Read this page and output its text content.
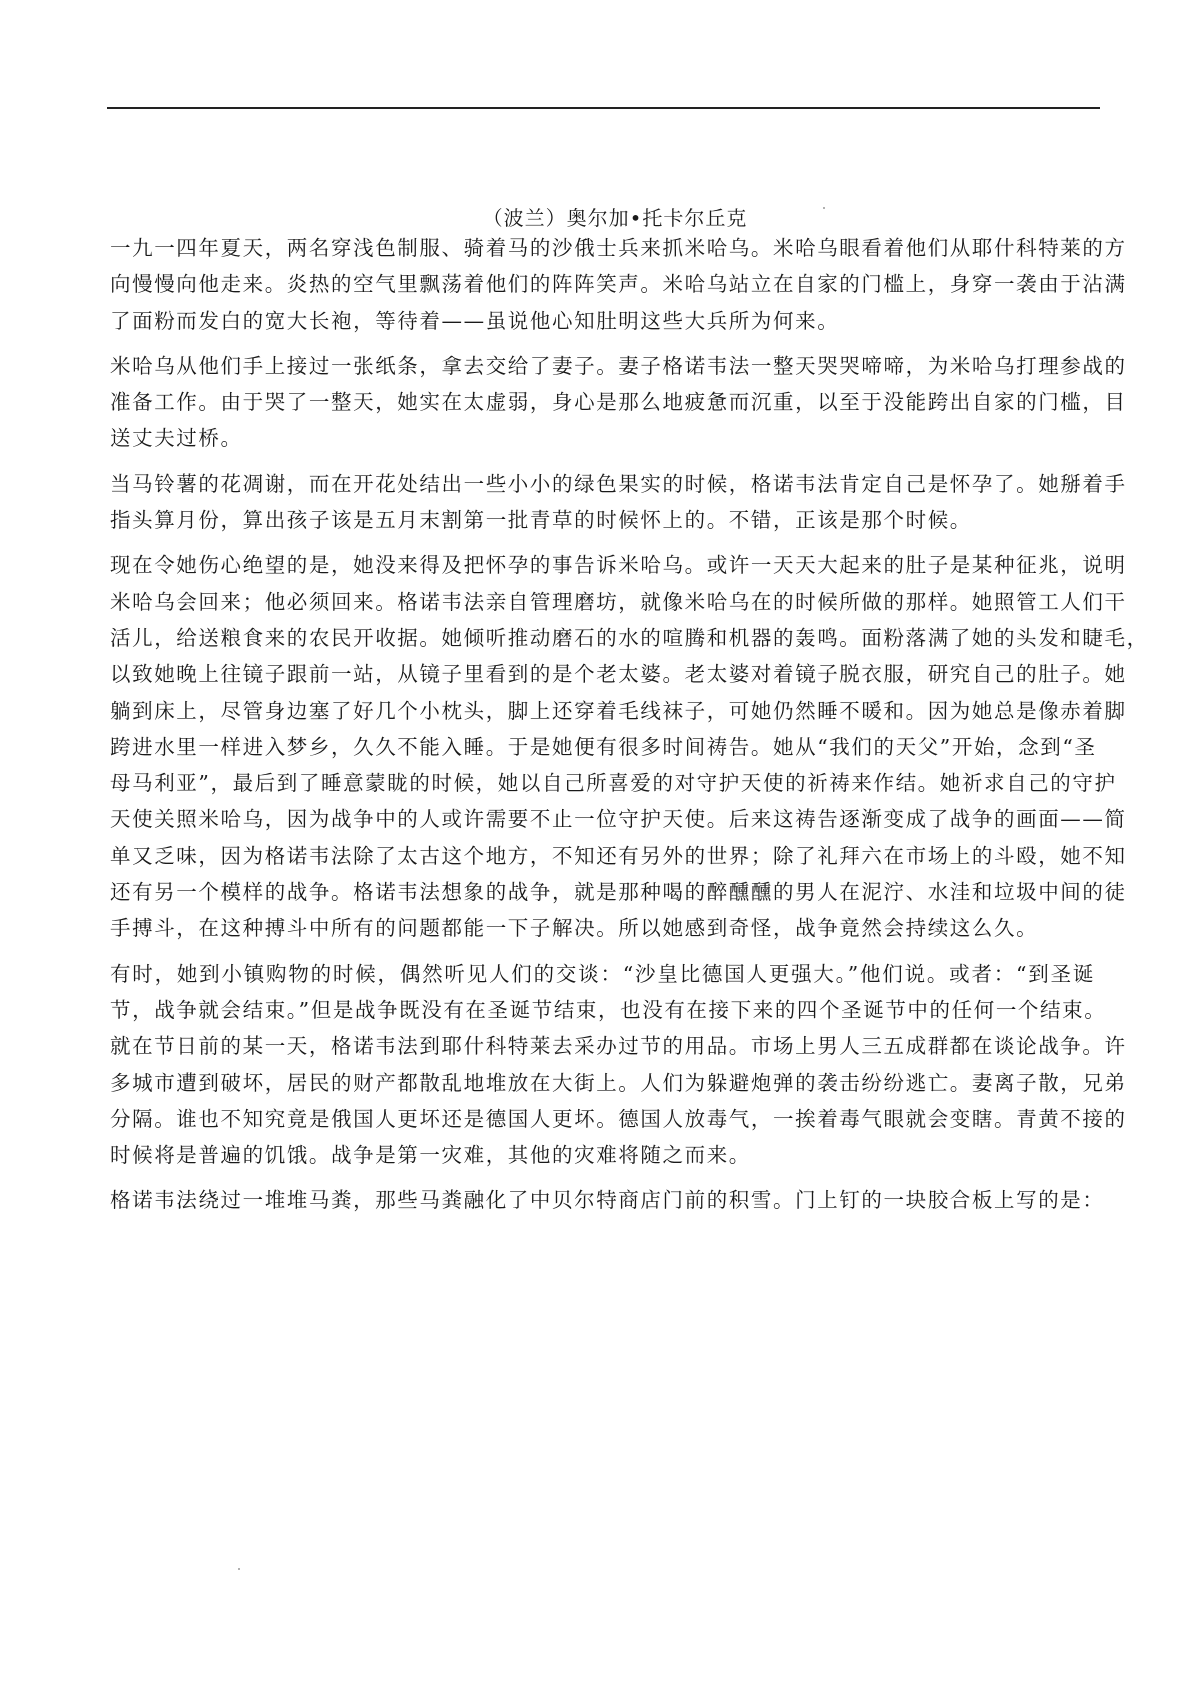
（波兰）奥尔加•托卡尔丘克

一九一四年夏天，两名穿浅色制服、骑着马的沙俄士兵来抓米哈乌。米哈乌眼看着他们从耶什科特莱的方
向慢慢向他走来。炎热的空气里飘荡着他们的阵阵笑声。米哈乌站立在自家的门槛上，身穿一袭由于沾满
了面粉而发白的宽大长袍，等待着——虽说他心知肚明这些大兵所为何来。

米哈乌从他们手上接过一张纸条，拿去交给了妻子。妻子格诺韦法一整天哭哭啼啼，为米哈乌打理参战的
准备工作。由于哭了一整天，她实在太虚弱，身心是那么地疲惫而沉重，以至于没能跨出自家的门槛，目
送丈夫过桥。

当马铃薯的花凋谢，而在开花处结出一些小小的绿色果实的时候，格诺韦法肯定自己是怀孕了。她掰着手
指头算月份，算出孩子该是五月末割第一批青草的时候怀上的。不错，正该是那个时候。

现在令她伤心绝望的是，她没来得及把怀孕的事告诉米哈乌。或许一天天大起来的肚子是某种征兆，说明
米哈乌会回来；他必须回来。格诺韦法亲自管理磨坊，就像米哈乌在的时候所做的那样。她照管工人们干
活儿，给送粮食来的农民开收据。她倾听推动磨石的水的喧腾和机器的轰鸣。面粉落满了她的头发和睫毛，
以致她晚上往镜子跟前一站，从镜子里看到的是个老太婆。老太婆对着镜子脱衣服，研究自己的肚子。她
躺到床上，尽管身边塞了好几个小枕头，脚上还穿着毛线袜子，可她仍然睡不暖和。因为她总是像赤着脚
跨进水里一样进入梦乡，久久不能入睡。于是她便有很多时间祷告。她从“我们的天父”开始，念到“圣
母马利亚”，最后到了睡意蒙眬的时候，她以自己所喜爱的对守护天使的祈祷来作结。她祈求自己的守护
天使关照米哈乌，因为战争中的人或许需要不止一位守护天使。后来这祷告逐渐变成了战争的画面——简
单又乏味，因为格诺韦法除了太古这个地方，不知还有另外的世界；除了礼拜六在市场上的斗殴，她不知
还有另一个模样的战争。格诺韦法想象的战争，就是那种喝的醉醺醺的男人在泥泞、水洼和垃圾中间的徒
手搏斗，在这种搏斗中所有的问题都能一下子解决。所以她感到奇怪，战争竟然会持续这么久。

有时，她到小镇购物的时候，偶然听见人们的交谈：“沙皇比德国人更强大。”他们说。或者：“到圣诞
节，战争就会结束。”但是战争既没有在圣诞节结束，也没有在接下来的四个圣诞节中的任何一个结束。
就在节日前的某一天，格诺韦法到耶什科特莱去采办过节的用品。市场上男人三五成群都在谈论战争。许
多城市遭到破坏，居民的财产都散乱地堆放在大街上。人们为躲避炮弹的袭击纷纷逃亡。妻离子散，兄弟
分隔。谁也不知究竟是俄国人更坏还是德国人更坏。德国人放毒气，一挨着毒气眼就会变瞎。青黄不接的
时候将是普遍的饥饿。战争是第一灾难，其他的灾难将随之而来。

格诺韦法绕过一堆堆马粪，那些马粪融化了中贝尔特商店门前的积雪。门上钉的一块胶合板上写的是：
